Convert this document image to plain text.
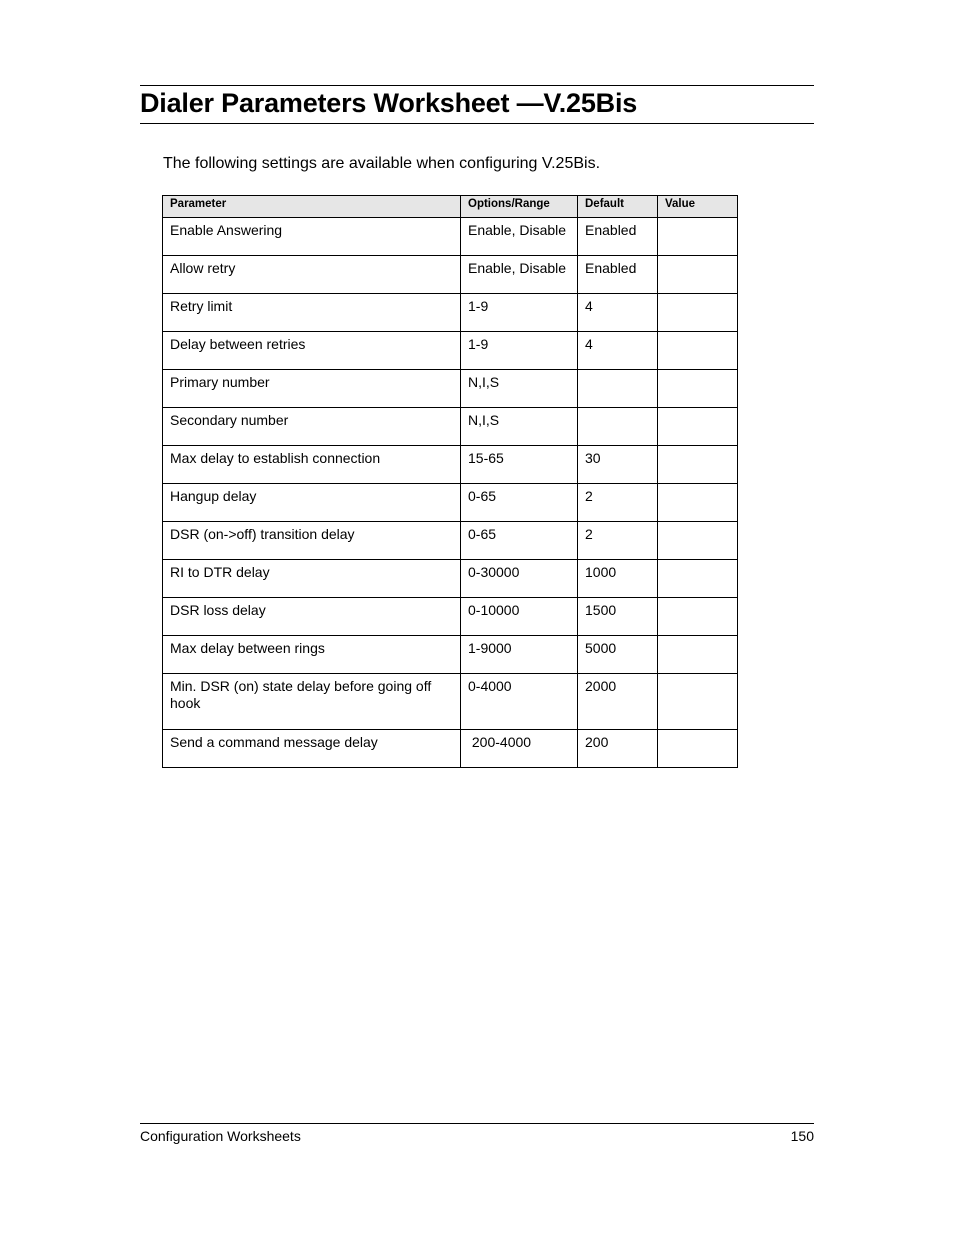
Dialer Parameters Worksheet —V.25Bis

The following settings are available when configuring V.25Bis.

Parameter	Options/Range	Default	Value
Enable Answering	Enable, Disable	Enabled	
Allow retry	Enable, Disable	Enabled	
Retry limit	1-9	4	
Delay between retries	1-9	4	
Primary number	N,I,S		
Secondary number	N,I,S		
Max delay to establish connection	15-65	30	
Hangup delay	0-65	2	
DSR (on->off) transition delay	0-65	2	
RI to DTR delay	0-30000	1000	
DSR loss delay	0-10000	1500	
Max delay between rings	1-9000	5000	
Min. DSR (on) state delay before going off hook	0-4000	2000	
Send a command message delay	200-4000	200	
Configuration Worksheets	150
